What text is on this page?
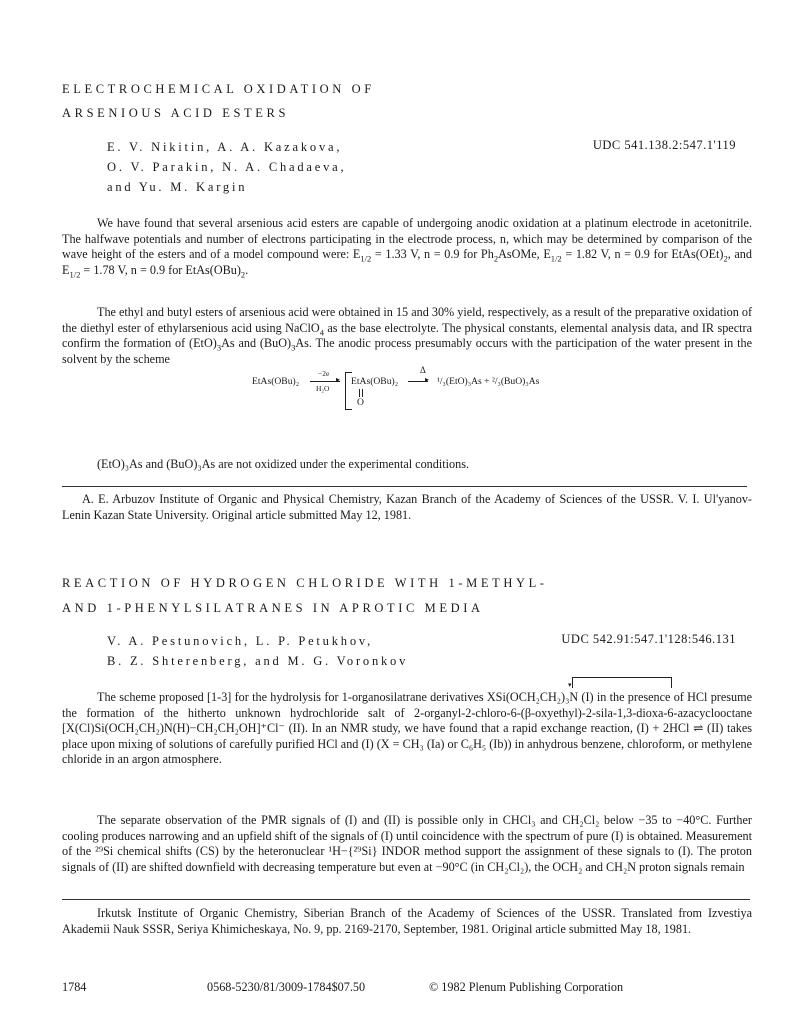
ELECTROCHEMICAL OXIDATION OF
ARSENIOUS ACID ESTERS
E. V. Nikitin, A. A. Kazakova,
O. V. Parakin, N. A. Chadaeva,
and Yu. M. Kargin
UDC 541.138.2:547.1'119
We have found that several arsenious acid esters are capable of undergoing anodic oxidation at a platinum electrode in acetonitrile. The halfwave potentials and number of electrons participating in the electrode process, n, which may be determined by comparison of the wave height of the esters and of a model compound were: $E_{1/2} = 1.33$ V, n = 0.9 for $Ph_2AsOMe$, $E_{1/2} = 1.82$ V, n = 0.9 for $EtAs(OEt)_2$, and $E_{1/2} = 1.78$ V, n = 0.9 for $EtAs(OBu)_2$.
The ethyl and butyl esters of arsenious acid were obtained in 15 and 30% yield, respectively, as a result of the preparative oxidation of the diethyl ester of ethylarsenious acid using NaClO$_4$ as the base electrolyte. The physical constants, elemental analysis data, and IR spectra confirm the formation of $(EtO)_3As$ and $(BuO)_3As$. The anodic process presumably occurs with the participation of the water present in the solvent by the scheme
EtAs(OBu)₂
−2e
▸
H₂O
EtAs(OBu)₂
O
Δ
▸ ¹/₃(EtO)₃As + ²/₃(BuO)₃As
(EtO)₃As and (BuO)₃As are not oxidized under the experimental conditions.
A. E. Arbuzov Institute of Organic and Physical Chemistry, Kazan Branch of the Academy of Sciences of the USSR. V. I. Ul'yanov-Lenin Kazan State University. Original article submitted May 12, 1981.
REACTION OF HYDROGEN CHLORIDE WITH 1-METHYL-
AND 1-PHENYLSILATRANES IN APROTIC MEDIA
V. A. Pestunovich, L. P. Petukhov,
B. Z. Shterenberg, and M. G. Voronkov
UDC 542.91:547.1'128:546.131
▾
The scheme proposed [1-3] for the hydrolysis for 1-organosilatrane derivatives XSi(OCH₂CH₂)₃N (I) in the presence of HCl presume the formation of the hitherto unknown hydrochloride salt of 2-organyl-2-chloro-6-(β-oxyethyl)-2-sila-1,3-dioxa-6-azacyclooctane [X(Cl)Si(OCH₂CH₂)N(H)−CH₂CH₂OH]⁺Cl⁻ (II). In an NMR study, we have found that a rapid exchange reaction, (I) + 2HCl ⇌ (II) takes place upon mixing of solutions of carefully purified HCl and (I) (X = CH₃ (Ia) or C₆H₅ (Ib)) in anhydrous benzene, chloroform, or methylene chloride in an argon atmosphere.
The separate observation of the PMR signals of (I) and (II) is possible only in CHCl₃ and CH₂Cl₂ below −35 to −40°C. Further cooling produces narrowing and an upfield shift of the signals of (I) until coincidence with the spectrum of pure (I) is obtained. Measurement of the ²⁹Si chemical shifts (CS) by the heteronuclear ¹H−{²⁹Si} INDOR method support the assignment of these signals to (I). The proton signals of (II) are shifted downfield with decreasing temperature but even at −90°C (in CH₂Cl₂), the OCH₂ and CH₂N proton signals remain
Irkutsk Institute of Organic Chemistry, Siberian Branch of the Academy of Sciences of the USSR. Translated from Izvestiya Akademii Nauk SSSR, Seriya Khimicheskaya, No. 9, pp. 2169-2170, September, 1981. Original article submitted May 18, 1981.
1784	0568-5230/81/3009-1784$07.50	© 1982 Plenum Publishing Corporation
